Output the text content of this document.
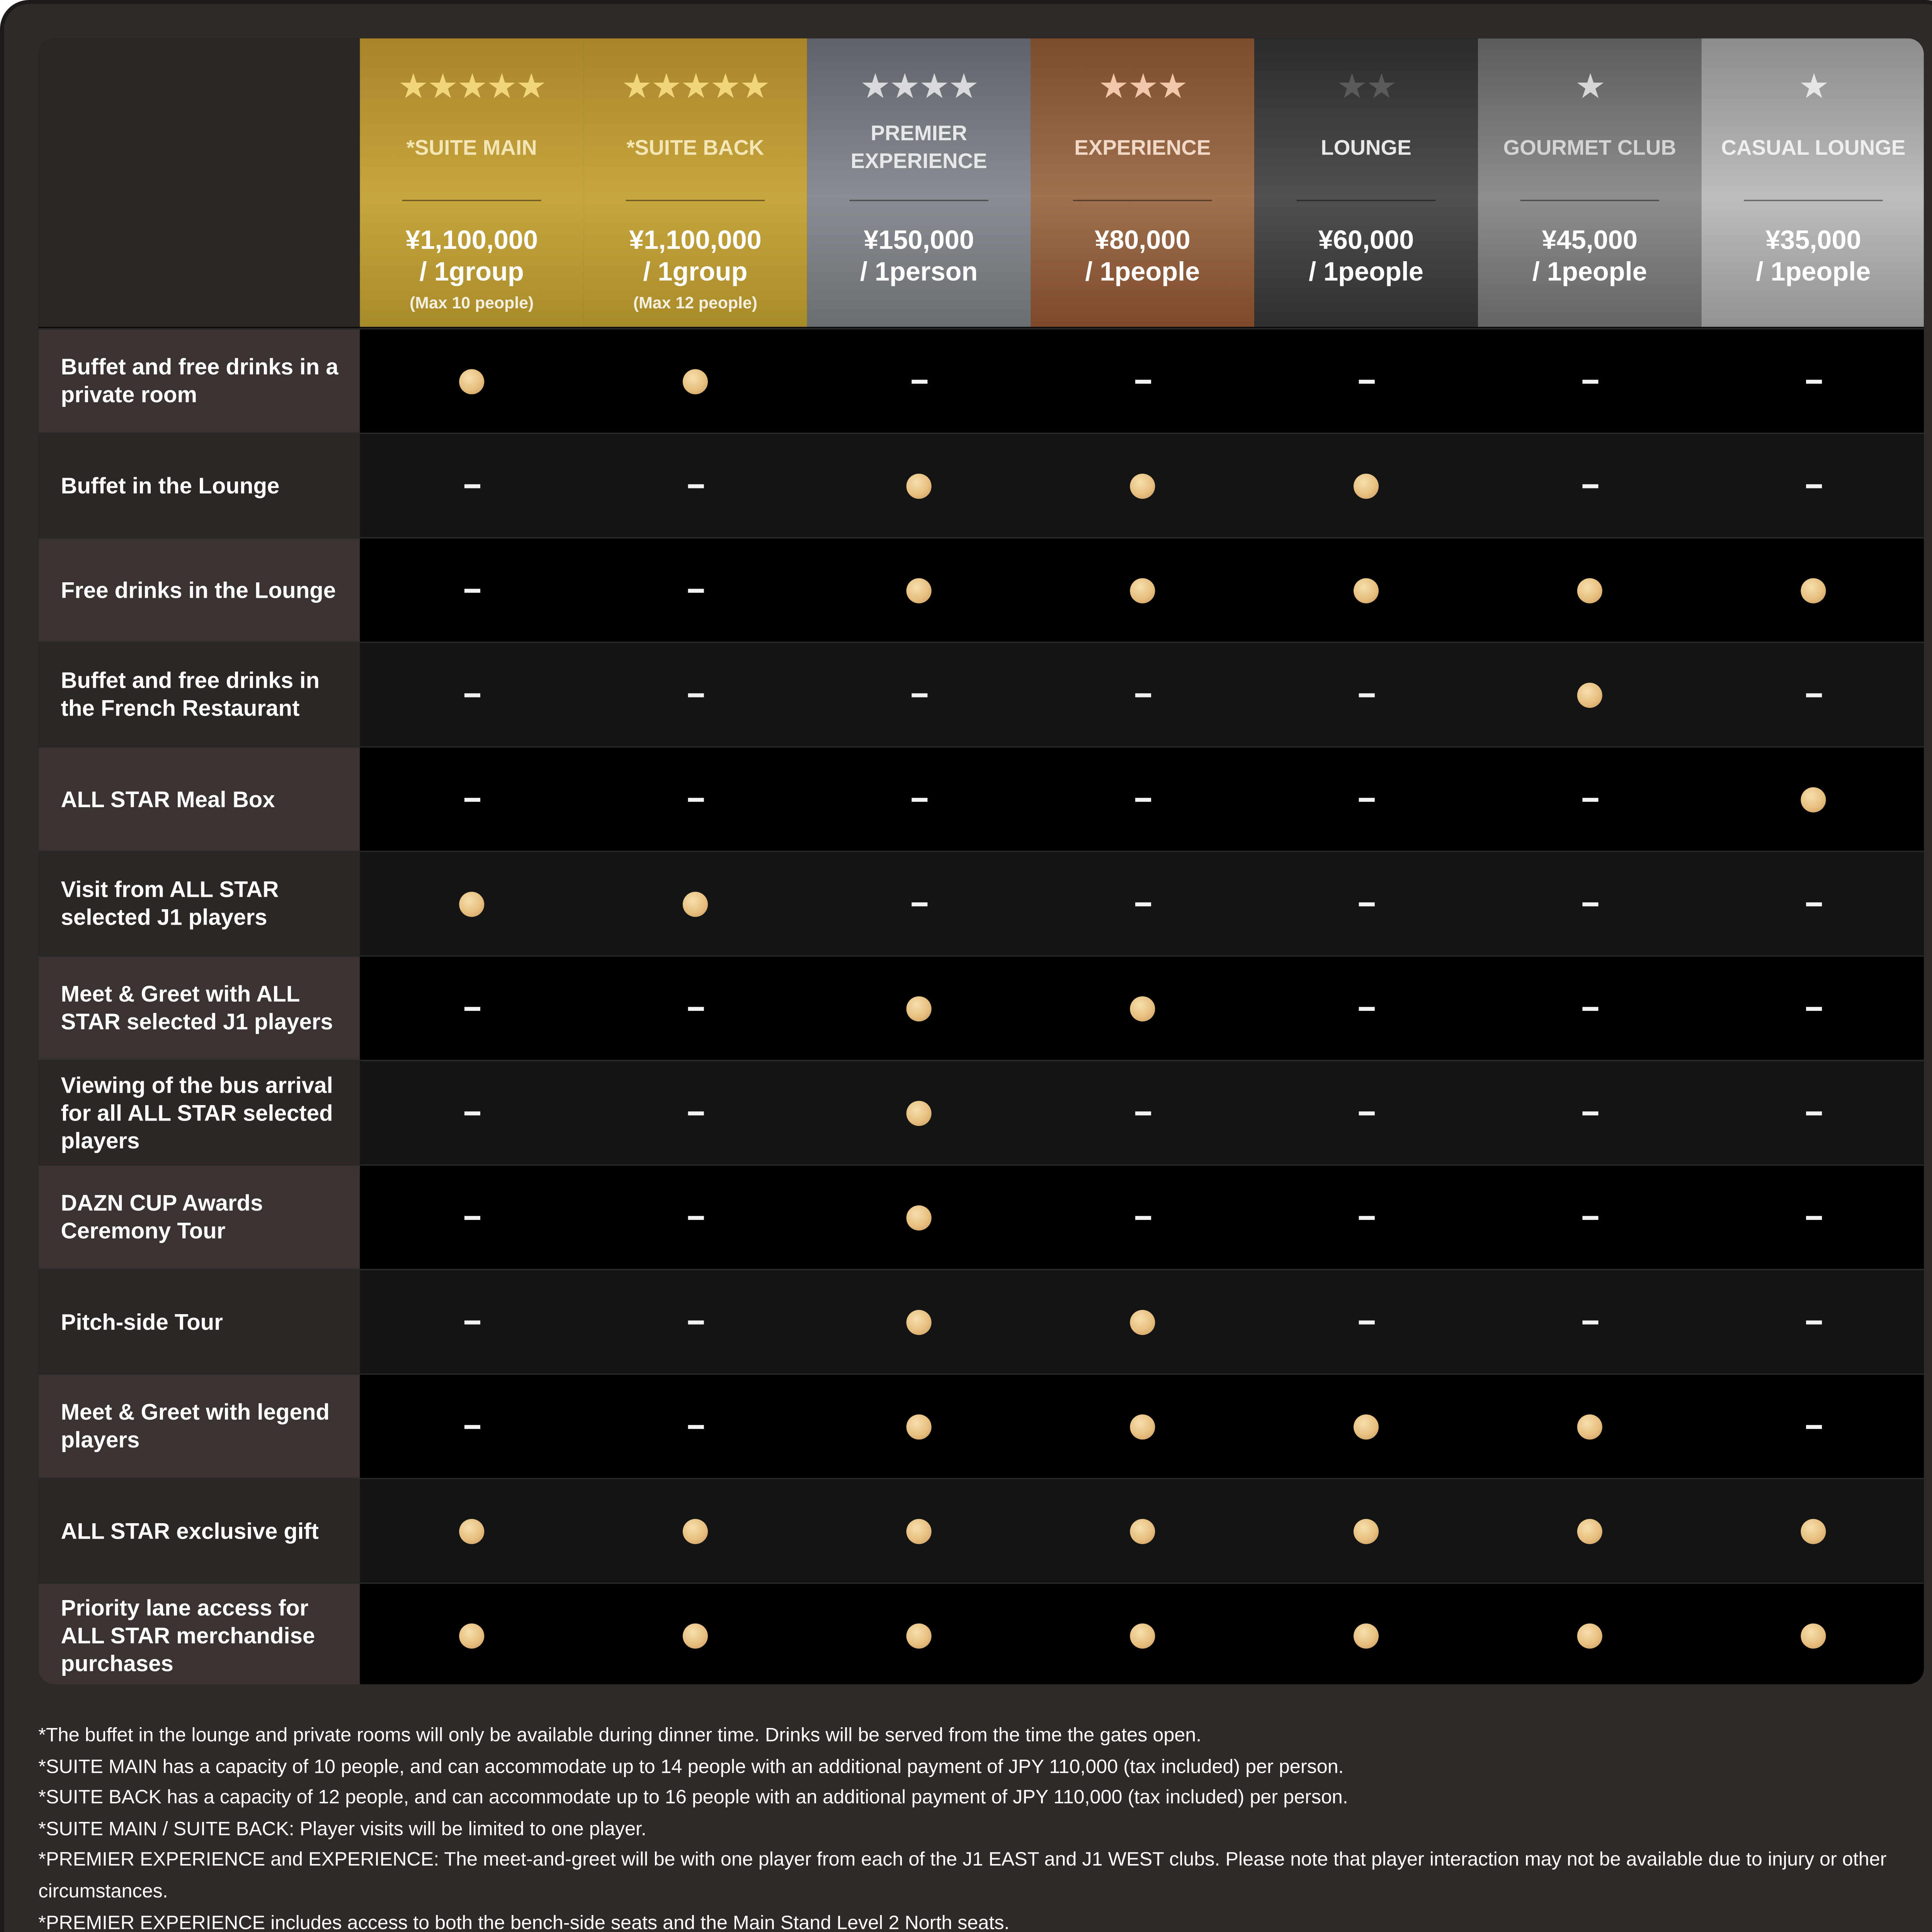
★★★★★
*SUITE MAIN
¥1,100,000
/ 1group
(Max 10 people)
★★★★★
*SUITE BACK
¥1,100,000
/ 1group
(Max 12 people)
★★★★
PREMIER EXPERIENCE
¥150,000
/ 1person
★★★
EXPERIENCE
¥80,000
/ 1people
★★
LOUNGE
¥60,000
/ 1people
★
GOURMET CLUB
¥45,000
/ 1people
★
CASUAL LOUNGE
¥35,000
/ 1people
Buffet and free drinks in a private room
Buffet in the Lounge
Free drinks in the Lounge
Buffet and free drinks in the French Restaurant
ALL STAR Meal Box
Visit from ALL STAR selected J1 players
Meet & Greet with ALL STAR selected J1 players
Viewing of the bus arrival for all ALL STAR selected players
DAZN CUP Awards Ceremony Tour
Pitch-side Tour
Meet & Greet with legend players
ALL STAR exclusive gift
Priority lane access for ALL STAR merchandise purchases
*The buffet in the lounge and private rooms will only be available during dinner time. Drinks will be served from the time the gates open.
*SUITE MAIN has a capacity of 10 people, and can accommodate up to 14 people with an additional payment of JPY 110,000 (tax included) per person.
*SUITE BACK has a capacity of 12 people, and can accommodate up to 16 people with an additional payment of JPY 110,000 (tax included) per person.
*SUITE MAIN / SUITE BACK: Player visits will be limited to one player.
*PREMIER EXPERIENCE and EXPERIENCE: The meet-and-greet will be with one player from each of the J1 EAST and J1 WEST clubs. Please note that player interaction may not be available due to injury or other circumstances.
*PREMIER EXPERIENCE includes access to both the bench-side seats and the Main Stand Level 2 North seats.
